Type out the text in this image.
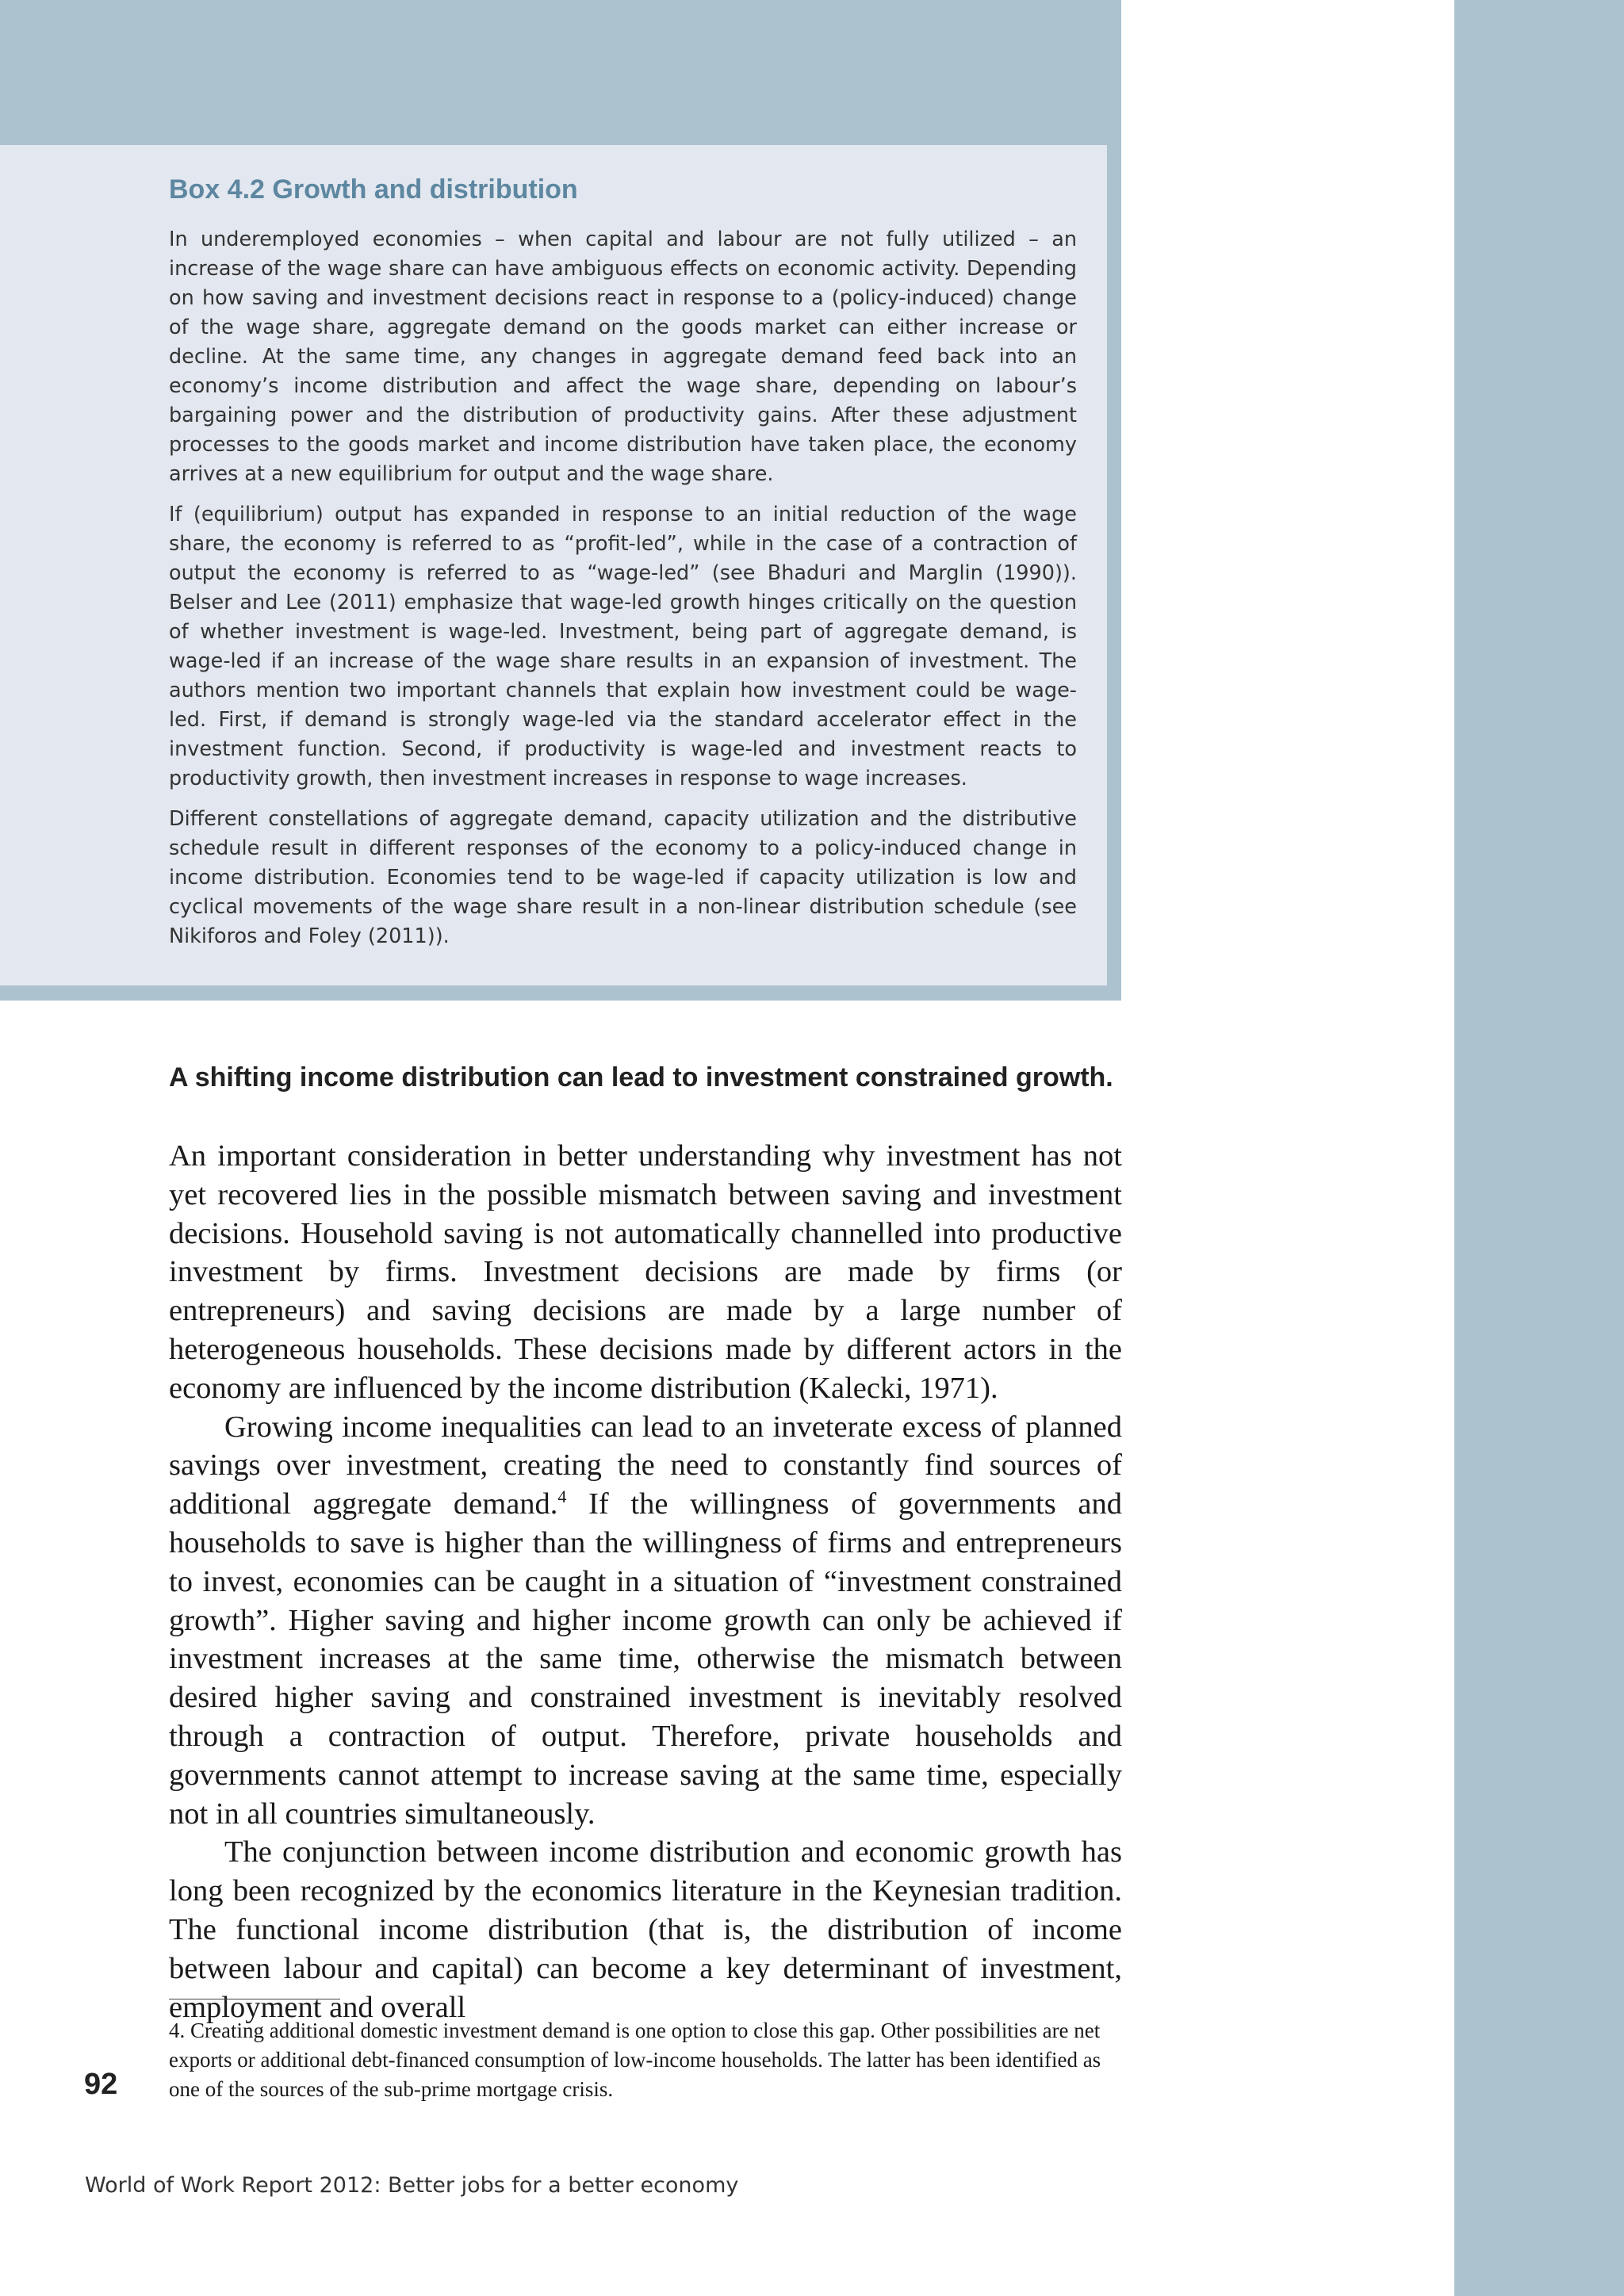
Box 4.2 Growth and distribution

In underemployed economies – when capital and labour are not fully utilized – an increase of the wage share can have ambiguous effects on economic activity. Depending on how saving and investment decisions react in response to a (policy-induced) change of the wage share, aggregate demand on the goods market can either increase or decline. At the same time, any changes in aggregate demand feed back into an economy’s income distribution and affect the wage share, depending on labour’s bargaining power and the distribution of productivity gains. After these adjustment processes to the goods market and income distribution have taken place, the economy arrives at a new equilibrium for output and the wage share.

If (equilibrium) output has expanded in response to an initial reduction of the wage share, the economy is referred to as “profit-led”, while in the case of a contraction of output the economy is referred to as “wage-led” (see Bhaduri and Marglin (1990)). Belser and Lee (2011) emphasize that wage-led growth hinges critically on the question of whether investment is wage-led. Investment, being part of aggregate demand, is wage-led if an increase of the wage share results in an expansion of investment. The authors mention two important channels that explain how investment could be wage-led. First, if demand is strongly wage-led via the standard accelerator effect in the investment function. Second, if productivity is wage-led and investment reacts to productivity growth, then investment increases in response to wage increases.

Different constellations of aggregate demand, capacity utilization and the distributive schedule result in different responses of the economy to a policy-induced change in income distribution. Economies tend to be wage-led if capacity utilization is low and cyclical movements of the wage share result in a non-linear distribution schedule (see Nikiforos and Foley (2011)).

A shifting income distribution can lead to investment constrained growth.

An important consideration in better understanding why investment has not yet recovered lies in the possible mismatch between saving and investment decisions. Household saving is not automatically channelled into productive investment by firms. Investment decisions are made by firms (or entrepreneurs) and saving decisions are made by a large number of heterogeneous households. These decisions made by different actors in the economy are influenced by the income distribution (Kalecki, 1971).

Growing income inequalities can lead to an inveterate excess of planned savings over investment, creating the need to constantly find sources of additional aggregate demand.$^4$ If the willingness of governments and households to save is higher than the willingness of firms and entrepreneurs to invest, economies can be caught in a situation of “investment constrained growth”. Higher saving and higher income growth can only be achieved if investment increases at the same time, otherwise the mismatch between desired higher saving and constrained investment is inevitably resolved through a contraction of output. Therefore, private households and governments cannot attempt to increase saving at the same time, especially not in all countries simultaneously.

The conjunction between income distribution and economic growth has long been recognized by the economics literature in the Keynesian tradition. The functional income distribution (that is, the distribution of income between labour and capital) can become a key determinant of investment, employment and overall

4. Creating additional domestic investment demand is one option to close this gap. Other possibilities are net exports or additional debt-financed consumption of low-income households. The latter has been identified as one of the sources of the sub-prime mortgage crisis.

92
World of Work Report 2012: Better jobs for a better economy
